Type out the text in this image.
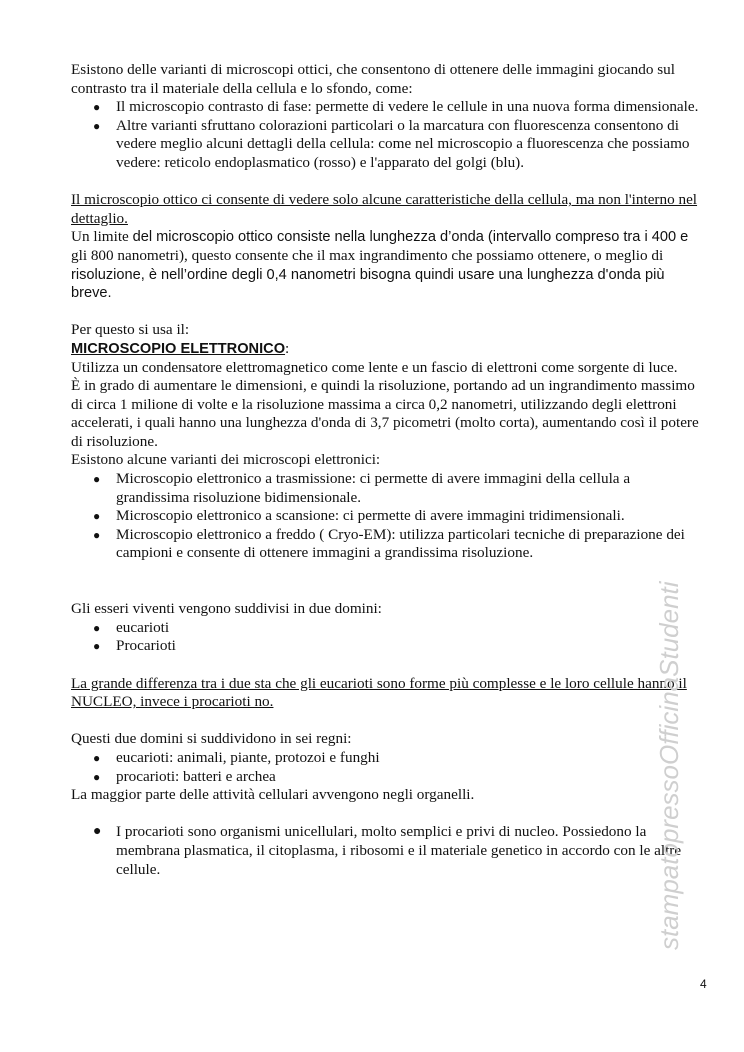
Esistono delle varianti di microscopi ottici, che consentono di ottenere delle immagini giocando sul contrasto tra il materiale della cellula e lo sfondo, come:

● Il microscopio contrasto di fase: permette di vedere le cellule in una nuova forma dimensionale.
● Altre varianti sfruttano colorazioni particolari o la marcatura con fluorescenza consentono di vedere meglio alcuni dettagli della cellula: come nel microscopio a fluorescenza che possiamo vedere: reticolo endoplasmatico (rosso) e l'apparato del golgi (blu).

Il microscopio ottico ci consente di vedere solo alcune caratteristiche della cellula, ma non l'interno nel dettaglio.

Un limite del microscopio ottico consiste nella lunghezza d’onda (intervallo compreso tra i 400 e gli 800 nanometri), questo consente che il max ingrandimento che possiamo ottenere, o meglio di risoluzione, è nell’ordine degli 0,4 nanometri bisogna quindi usare una lunghezza d'onda più breve.

Per questo si usa il:

MICROSCOPIO ELETTRONICO:

Utilizza un condensatore elettromagnetico come lente e un fascio di elettroni come sorgente di luce.

È in grado di aumentare le dimensioni, e quindi la risoluzione, portando ad un ingrandimento massimo di circa 1 milione di volte e la risoluzione massima a circa 0,2 nanometri, utilizzando degli elettroni accelerati, i quali hanno una lunghezza d'onda di 3,7 picometri (molto corta), aumentando così il potere di risoluzione.

Esistono alcune varianti dei microscopi elettronici:

● Microscopio elettronico a trasmissione: ci permette di avere immagini della cellula a grandissima risoluzione bidimensionale.
● Microscopio elettronico a scansione: ci permette di avere immagini tridimensionali.
● Microscopio elettronico a freddo ( Cryo-EM): utilizza particolari tecniche di preparazione dei campioni e consente di ottenere immagini a grandissima risoluzione.

Gli esseri viventi vengono suddivisi in due domini:

● eucarioti
● Procarioti

La grande differenza tra i due sta che gli eucarioti sono forme più complesse e le loro cellule hanno il NUCLEO, invece i procarioti no.

Questi due domini si suddividono in sei regni:

● eucarioti: animali, piante, protozoi e funghi
● procarioti: batteri e archea

La maggior parte delle attività cellulari avvengono negli organelli.

● I procarioti sono organismi unicellulari, molto semplici e privi di nucleo. Possiedono la membrana plasmatica, il citoplasma, i ribosomi e il materiale genetico in accordo con le altre cellule.	stampatopressoOfficinaStudenti
4
